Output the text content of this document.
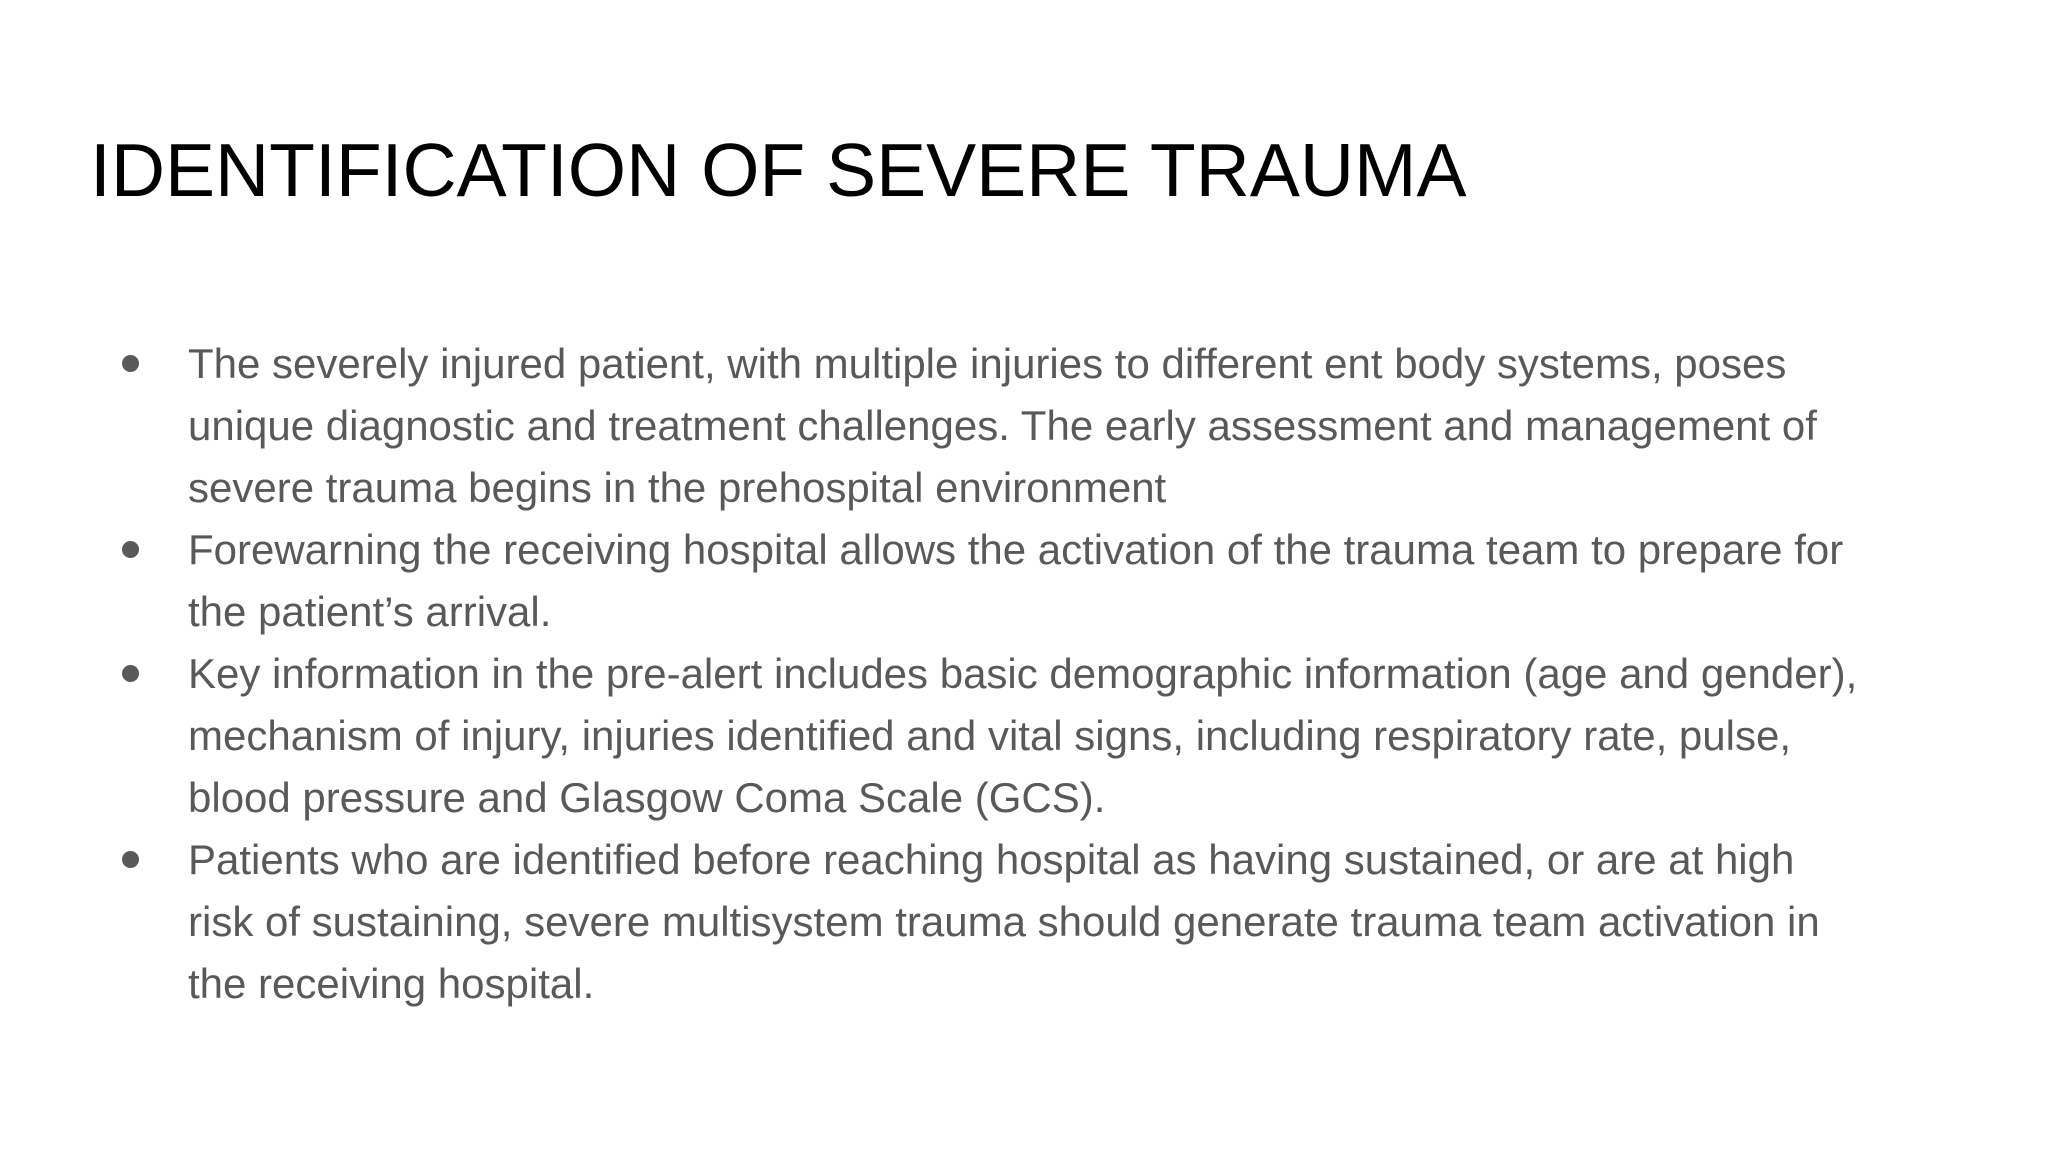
IDENTIFICATION OF SEVERE TRAUMA
The severely injured patient, with multiple injuries to different ent body systems, poses
unique diagnostic and treatment challenges. The early assessment and management of
severe trauma begins in the prehospital environment
Forewarning the receiving hospital allows the activation of the trauma team to prepare for
the patient’s arrival.
Key information in the pre-alert includes basic demographic information (age and gender),
mechanism of injury, injuries identified and vital signs, including respiratory rate, pulse,
blood pressure and Glasgow Coma Scale (GCS).
Patients who are identified before reaching hospital as having sustained, or are at high
risk of sustaining, severe multisystem trauma should generate trauma team activation in
the receiving hospital.
